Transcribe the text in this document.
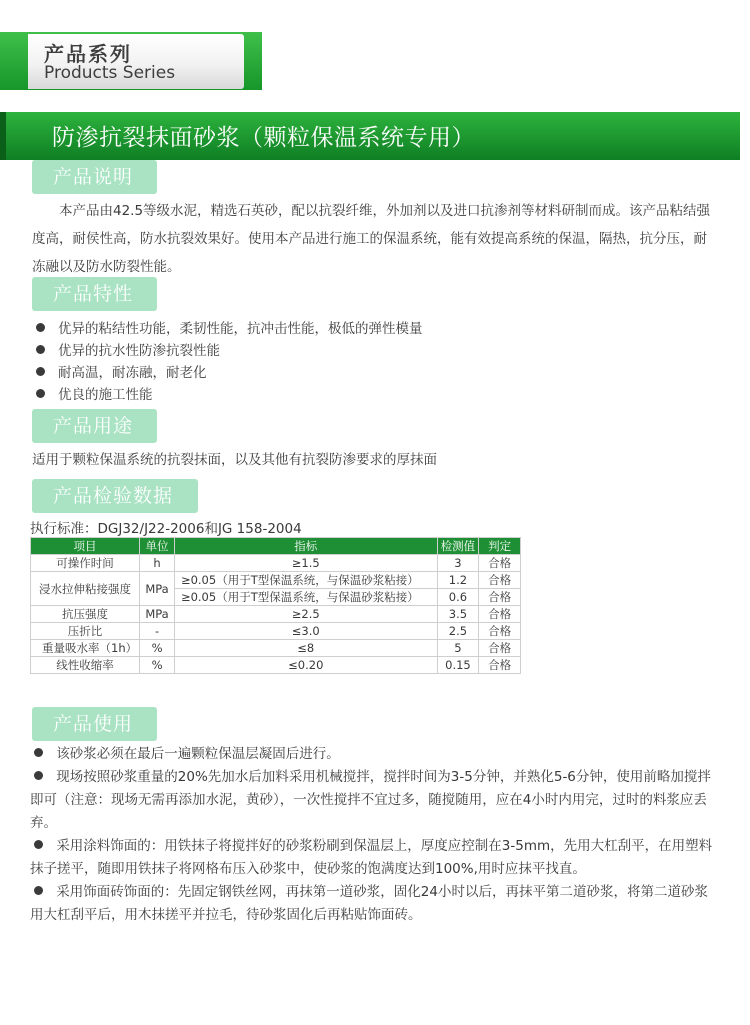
产品系列
Products Series
防渗抗裂抹面砂浆（颗粒保温系统专用）
产品说明

本产品由42.5等级水泥，精选石英砂，配以抗裂纤维，外加剂以及进口抗渗剂等材料研制而成。该产品粘结强度高，耐侯性高，防水抗裂效果好。使用本产品进行施工的保温系统，能有效提高系统的保温，隔热，抗分压，耐冻融以及防水防裂性能。

产品特性
优异的粘结性功能，柔韧性能，抗冲击性能，极低的弹性模量
优异的抗水性防渗抗裂性能
耐高温，耐冻融，耐老化
优良的施工性能
产品用途

适用于颗粒保温系统的抗裂抹面，以及其他有抗裂防渗要求的厚抹面

产品检验数据
执行标准：DGJ32/J22-2006和JG 158-2004
项目	单位	指标	检测值	判定
可操作时间	h	≥1.5	3	合格
浸水拉伸粘接强度	MPa	≥0.05（用于T型保温系统，与保温砂浆粘接）	1.2	合格
		≥0.05（用于T型保温系统，与保温砂浆粘接）	0.6	合格
抗压强度	MPa	≥2.5	3.5	合格
压折比	-	≤3.0	2.5	合格
重量吸水率（1h）	%	≤8	5	合格
线性收缩率	%	≤0.20	0.15	合格
产品使用
该砂浆必须在最后一遍颗粒保温层凝固后进行。
现场按照砂浆重量的20%先加水后加料采用机械搅拌，搅拌时间为3-5分钟，并熟化5-6分钟，使用前略加搅拌即可（注意：现场无需再添加水泥，黄砂），一次性搅拌不宜过多，随搅随用，应在4小时内用完，过时的料浆应丢弃。
采用涂料饰面的：用铁抹子将搅拌好的砂浆粉刷到保温层上，厚度应控制在3-5mm，先用大杠刮平，在用塑料抹子搓平，随即用铁抹子将网格布压入砂浆中，使砂浆的饱满度达到100%,用时应抹平找直。
采用饰面砖饰面的：先固定钢铁丝网，再抹第一道砂浆，固化24小时以后，再抹平第二道砂浆，将第二道砂浆用大杠刮平后，用木抹搓平并拉毛，待砂浆固化后再粘贴饰面砖。
